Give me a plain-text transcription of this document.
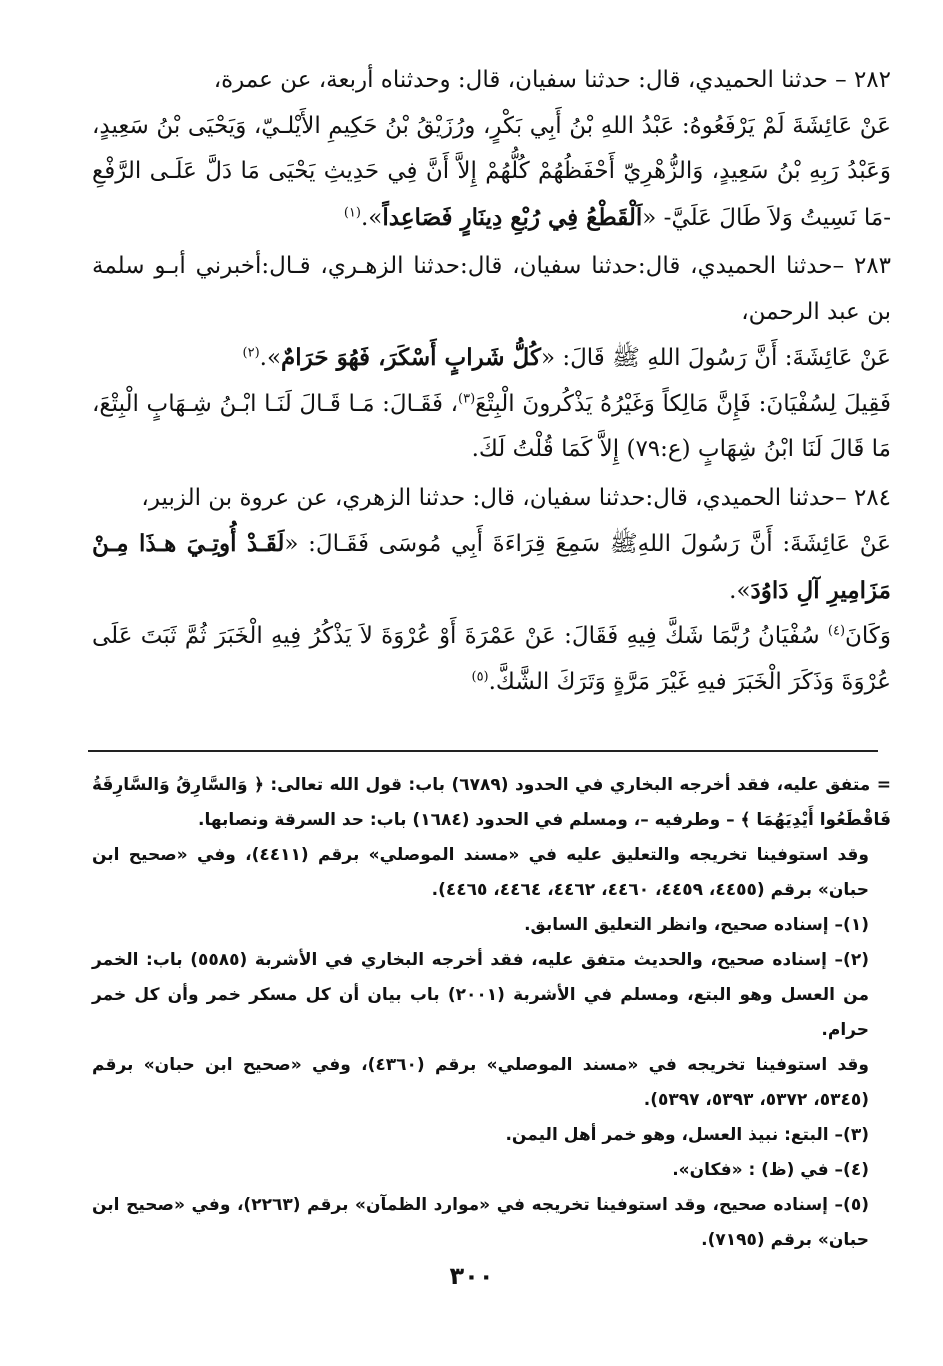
٢٨٢ – حدثنا الحميدي، قال: حدثنا سفيان، قال: وحدثناه أربعة، عن عمرة،

عَنْ عَائِشَةَ لَمْ يَرْفَعُوهُ: عَبْدُ اللهِ بْنُ أَبِي بَكْرٍ، ورُزَيْقُ بْنُ حَكِيمِ الأَيْلـيّ، وَيَحْيَى بْنُ سَعِيدٍ، وَعَبْدُ رَبِهِ بْنُ سَعِيدٍ، وَالزُّهْرِيّ أَحْفَظُهُمْ كُلُّهُمْ إِلاَّ أَنَّ فِي حَدِيثِ يَحْيَى مَا دَلَّ عَلَـى الرَّفْعِ -مَا نَسِيتُ وَلاَ طَالَ عَلَيَّ- «اَلْقَطْعُ فِي رُبْعِ دِينَارٍ فَصَاعِداً».$^{(١)}$

٢٨٣ –حدثنا الحميدي، قال:حدثنا سفيان، قال:حدثنا الزهـري، قـال:أخبرني أبـو سلمة بن عبد الرحمن،

عَنْ عَائِشَةَ: أَنَّ رَسُولَ اللهِ ﷺ قَالَ: «كُلُّ شَرابٍ أَسْكَرَ، فَهُوَ حَرَامٌ».$^{(٢)}$

فَقِيلَ لِسُفْيَانَ: فَإِنَّ مَالِكاً وَغَيْرُهُ يَذْكُرونَ الْبِتْعَ$^{(٣)}$، فَقَـالَ: مَـا قَـالَ لَنَـا ابْـنُ شِـهَابٍ الْبِتْعَ، مَا قَالَ لَنَا ابْنُ شِهَابٍ (ع:٧٩) إِلاَّ كَمَا قُلْتُ لَكَ.

٢٨٤ –حدثنا الحميدي، قال:حدثنا سفيان، قال: حدثنا الزهري، عن عروة بن الزبير،

عَنْ عَائِشَةَ: أَنَّ رَسُولَ اللهِﷺ سَمِعَ قِرَاءَةَ أَبِي مُوسَى فَقَـالَ: «لَقَـدْ أُوتِـيَ هـذَا مِـنْ مَزَامِيرِ آلِ دَاوُدَ».

وَكَانَ$^{(٤)}$ سُفْيَانُ رُبَّمَا شَكَّ فِيهِ فَقَالَ: عَنْ عَمْرَةَ أَوْ عُرْوَةَ لاَ يَذْكُرُ فِيهِ الْخَبَرَ ثُمَّ ثَبَتَ عَلَى عُرْوَةَ وَذَكَرَ الْخَبَرَ فيهِ غَيْرَ مَرَّةٍ وَتَرَكَ الشَّكَّ.$^{(٥)}$

= متفق عليه، فقد أخرجه البخاري في الحدود (٦٧٨٩) باب: قول الله تعالى: ﴿ وَالسَّارِقُ وَالسَّارِقَةُ فَاقْطَعُوا أَيْدِيَهُمَا ﴾ – وطرفيه –، ومسلم في الحدود (١٦٨٤) باب: حد السرقة ونصابها.

وقد استوفينا تخريجه والتعليق عليه في «مسند الموصلي» برقم (٤٤١١)، وفي «صحيح ابن حبان» برقم (٤٤٥٥، ٤٤٥٩، ٤٤٦٠، ٤٤٦٢، ٤٤٦٤، ٤٤٦٥).

(١)– إسناده صحيح، وانظر التعليق السابق.

(٢)– إسناده صحيح، والحديث متفق عليه، فقد أخرجه البخاري في الأشربة (٥٥٨٥) باب: الخمر من العسل وهو البتع، ومسلم في الأشربة (٢٠٠١) باب بيان أن كل مسكر خمر وأن كل خمر حرام.

وقد استوفينا تخريجه في «مسند الموصلي» برقم (٤٣٦٠)، وفي «صحيح ابن حبان» برقم (٥٣٤٥، ٥٣٧٢، ٥٣٩٣، ٥٣٩٧).

(٣)– البتع: نبيذ العسل، وهو خمر أهل اليمن.

(٤)– في (ظ) : «فكان».

(٥)– إسناده صحيح، وقد استوفينا تخريجه في «موارد الظمآن» برقم (٢٢٦٣)، وفي «صحيح ابن حبان» برقم (٧١٩٥).

٣٠٠
